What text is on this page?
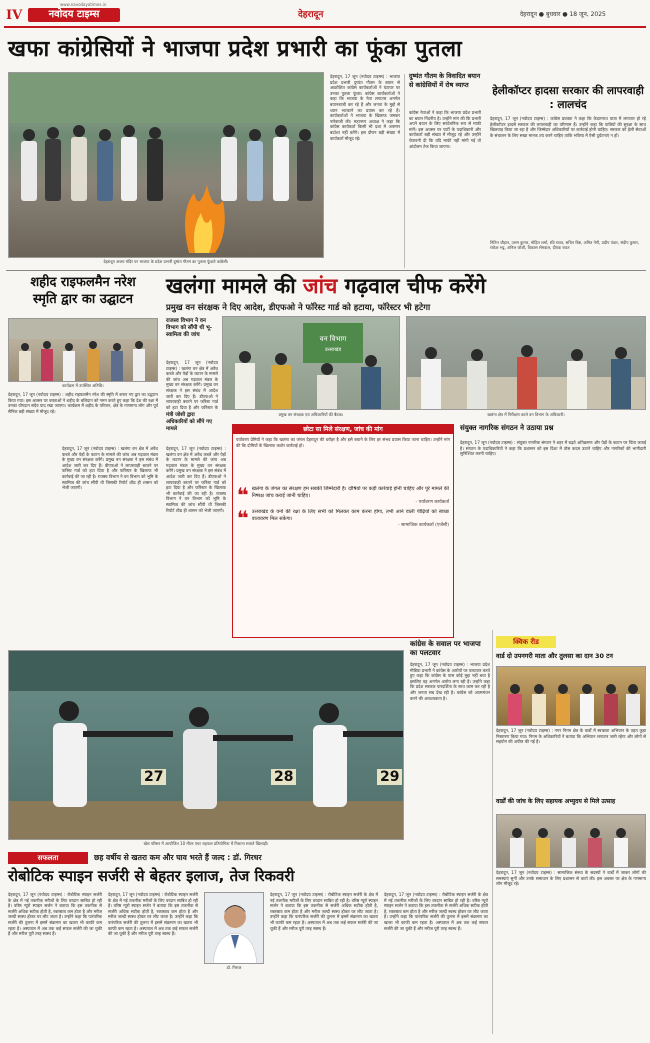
IV
www.navodayatimes.in
नवोदय टाइम्स	देहरादून	देहरादून ● बुधवार ● 18 जून, 2025
खफा कांग्रेसियों ने भाजपा प्रदेश प्रभारी का फूंका पुतला
देहरादून अजय मंदिर पर भाजपा के प्रदेश प्रभारी दुष्यंत गौतम का पुतला फूंकते कांग्रेसी।
देहरादून, 17 जून (नवोदय टाइम्स) : भाजपा प्रदेश प्रभारी दुष्यंत गौतम के बयान से आक्रोशित कांग्रेस कार्यकर्ताओं ने घंटाघर पर उनका पुतला फूंका। कांग्रेस कार्यकर्ताओं ने कहा कि भाजपा के नेता लगातार अनर्गल बयानबाजी कर रहे हैं और जनता के मुद्दों से ध्यान भटकाने का प्रयास कर रहे हैं। कार्यकर्ताओं ने भाजपा के खिलाफ जमकर नारेबाजी की। महानगर अध्यक्ष ने कहा कि कांग्रेस कार्यकर्ता किसी भी दशा में अपमान बर्दाश्त नहीं करेंगे। इस दौरान बड़ी संख्या में कार्यकर्ता मौजूद रहे।
दुष्यंत गौतम के विवादित बयान से कांग्रेसियों में रोष व्याप्त
कांग्रेस नेताओं ने कहा कि भाजपा प्रदेश प्रभारी का बयान निंदनीय है। उन्होंने मांग की कि प्रभारी अपने बयान के लिए सार्वजनिक रूप से माफी मांगें। इस अवसर पर पार्टी के पदाधिकारी और कार्यकर्ता बड़ी संख्या में मौजूद रहे और उन्होंने चेतावनी दी कि यदि माफी नहीं मांगी गई तो आंदोलन तेज किया जाएगा।
हेलीकॉप्टर हादसा सरकार की लापरवाही : लालचंद
देहरादून, 17 जून (नवोदय टाइम्स) : कांग्रेस प्रवक्ता ने कहा कि केदारनाथ यात्रा में लगातार हो रहे हेलीकॉप्टर हादसे सरकार की लापरवाही का परिणाम हैं। उन्होंने कहा कि यात्रियों की सुरक्षा के साथ खिलवाड़ किया जा रहा है और जिम्मेदार अधिकारियों पर कार्रवाई होनी चाहिए। सरकार को हेली सेवाओं के संचालन के लिए सख्त मानक तय करने चाहिए ताकि भविष्य में ऐसी दुर्घटनाएं न हों।
नितिन चौहान, उत्तम कुमार, मोहित शर्मा, रवि रावत, सचिन बिष्ट, अमित नेगी, प्रदीप पंवार, संदीप कुमार, राकेश भट्ट, अनिल जोशी, विकास सेमवाल, दीपक रावत
शहीद राइफलमैन नरेश
स्मृति द्वार का उद्घाटन
कार्यक्रम में उपस्थित अतिथि।
देहरादून, 17 जून (नवोदय टाइम्स) : शहीद राइफलमैन नरेश की स्मृति में बनाए गए द्वार का उद्घाटन किया गया। इस अवसर पर वक्ताओं ने शहीद के बलिदान को नमन करते हुए कहा कि देश की रक्षा में उनका योगदान सदैव याद रखा जाएगा। कार्यक्रम में शहीद के परिजन, क्षेत्र के गणमान्य लोग और पूर्व सैनिक बड़ी संख्या में मौजूद रहे।
खलंगा मामले की जांच गढ़वाल चीफ करेंगे
प्रमुख वन संरक्षक ने दिए आदेश, डीएफओ ने फॉरेस्ट गार्ड को हटाया, फॉरेस्टर भी हटेगा
राजस्व विभाग ने वन विभाग को सौंपी थी भू-स्वामित्व की जांच	वन विभाग
उत्तराखंड
प्रमुख वन संरक्षक एवं अधिकारियों की बैठक।	खलंगा क्षेत्र में निरीक्षण करते वन विभाग के अधिकारी।
देहरादून, 17 जून (नवोदय टाइम्स) : खलंगा वन क्षेत्र में अवैध कब्जे और पेड़ों के कटान के मामले की जांच अब गढ़वाल मंडल के मुख्य वन संरक्षक करेंगे। प्रमुख वन संरक्षक ने इस संबंध में आदेश जारी कर दिए हैं। डीएफओ ने लापरवाही बरतने पर फॉरेस्ट गार्ड को हटा दिया है और फॉरेस्टर के
मंत्री जोशी द्वारा अधिकारियों को सौंपे गए मामले
देहरादून, 17 जून (नवोदय टाइम्स) : खलंगा वन क्षेत्र में अवैध कब्जे और पेड़ों के कटान के मामले की जांच अब गढ़वाल मंडल के मुख्य वन संरक्षक करेंगे। प्रमुख वन संरक्षक ने इस संबंध में आदेश जारी कर दिए हैं। डीएफओ ने लापरवाही बरतने पर फॉरेस्ट गार्ड को हटा दिया है और फॉरेस्टर के खिलाफ भी कार्रवाई की जा रही है। राजस्व विभाग ने वन विभाग को भूमि के स्वामित्व की जांच सौंपी थी जिसकी रिपोर्ट शीघ्र ही शासन को भेजी जाएगी।
देहरादून, 17 जून (नवोदय टाइम्स) : खलंगा वन क्षेत्र में अवैध कब्जे और पेड़ों के कटान के मामले की जांच अब गढ़वाल मंडल के मुख्य वन संरक्षक करेंगे। प्रमुख वन संरक्षक ने इस संबंध में आदेश जारी कर दिए हैं। डीएफओ ने लापरवाही बरतने पर फॉरेस्ट गार्ड को हटा दिया है और फॉरेस्टर के खिलाफ भी कार्रवाई की जा रही है। राजस्व विभाग ने वन विभाग को भूमि के स्वामित्व की जांच सौंपी थी जिसकी रिपोर्ट शीघ्र ही शासन को भेजी जाएगी।
छोटा सा मिले संरक्षण, जांच की मांग
पर्यावरण प्रेमियों ने कहा कि खलंगा का जंगल देहरादून की धरोहर है और इसे बचाने के लिए हर संभव प्रयास किया जाना चाहिए। उन्होंने मांग की कि दोषियों के खिलाफ कठोर कार्रवाई हो।
❝ खलंगा के जंगल का संरक्षण हम सबकी जिम्मेदारी है। दोषियों पर कड़ी कार्रवाई होनी चाहिए और पूरे मामले की निष्पक्ष जांच कराई जानी चाहिए।
- पर्यावरण कार्यकर्ता
❝ उत्तराखंड के वनों की रक्षा के लिए सभी को मिलकर काम करना होगा, तभी आने वाली पीढ़ियों को स्वच्छ वातावरण मिल सकेगा।
- सामाजिक कार्यकर्ता (एजेंसी)
संयुक्त नागरिक संगठन ने उठाया प्रश्न
देहरादून, 17 जून (नवोदय टाइम्स) : संयुक्त नागरिक संगठन ने शहर में बढ़ते अतिक्रमण और पेड़ों के कटान पर चिंता जताई है। संगठन के पदाधिकारियों ने कहा कि प्रशासन को इस दिशा में ठोस कदम उठाने चाहिए और नागरिकों की भागीदारी सुनिश्चित करनी चाहिए।
कांग्रेस के सवाल पर भाजपा का पलटवार
देहरादून, 17 जून (नवोदय टाइम्स) : भाजपा प्रदेश मीडिया प्रभारी ने कांग्रेस के आरोपों पर पलटवार करते हुए कहा कि कांग्रेस के पास कोई मुद्दा नहीं बचा है इसलिए वह अनर्गल आरोप लगा रही है। उन्होंने कहा कि प्रदेश सरकार पारदर्शिता के साथ काम कर रही है और जनता सब देख रही है। कांग्रेस को आत्ममंथन करने की आवश्यकता है।
27	28	29
खेल परिसर में आयोजित 10 मीटर एयर राइफल प्रतियोगिता में निशाना साधते खिलाड़ी।
क्विक रीड
वार्ड दो उपनगरी माता और तुलसा का दान 30 टन
देहरादून, 17 जून (नवोदय टाइम्स) : नगर निगम क्षेत्र के वार्डों में स्वच्छता अभियान के तहत कूड़ा निस्तारण किया गया। निगम के अधिकारियों ने बताया कि अभियान लगातार जारी रहेगा और लोगों से सहयोग की अपील की गई है।
वार्डों की जांच के लिए सहायक अभ्युदय से मिले उत्साह
देहरादून, 17 जून (नवोदय टाइम्स) : सामाजिक संस्था के सदस्यों ने वार्डों में जाकर लोगों की समस्याएं सुनीं और उनके समाधान के लिए प्रशासन से वार्ता की। इस अवसर पर क्षेत्र के गणमान्य लोग मौजूद रहे।
सफलता	छह वर्षीय से खतरा कम और घाव भरते हैं जल्द : डॉ. गिरधर
रोबोटिक स्पाइन सर्जरी से बेहतर इलाज, तेज रिकवरी
देहरादून, 17 जून (नवोदय टाइम्स) : रोबोटिक स्पाइन सर्जरी के क्षेत्र में नई तकनीक मरीजों के लिए वरदान साबित हो रही है। वरिष्ठ न्यूरो स्पाइन सर्जन ने बताया कि इस तकनीक से सर्जरी अधिक सटीक होती है, रक्तस्राव कम होता है और मरीज जल्दी स्वस्थ होकर घर लौट जाता है। उन्होंने कहा कि पारंपरिक सर्जरी की तुलना में इसमें संक्रमण का खतरा भी काफी कम रहता है। अस्पताल में अब तक कई सफल सर्जरी की जा चुकी हैं और मरीज पूरी तरह स्वस्थ हैं।
देहरादून, 17 जून (नवोदय टाइम्स) : रोबोटिक स्पाइन सर्जरी के क्षेत्र में नई तकनीक मरीजों के लिए वरदान साबित हो रही है। वरिष्ठ न्यूरो स्पाइन सर्जन ने बताया कि इस तकनीक से सर्जरी अधिक सटीक होती है, रक्तस्राव कम होता है और मरीज जल्दी स्वस्थ होकर घर लौट जाता है। उन्होंने कहा कि पारंपरिक सर्जरी की तुलना में इसमें संक्रमण का खतरा भी काफी कम रहता है। अस्पताल में अब तक कई सफल सर्जरी की जा चुकी हैं और मरीज पूरी तरह स्वस्थ हैं।
डॉ. गिरधर
देहरादून, 17 जून (नवोदय टाइम्स) : रोबोटिक स्पाइन सर्जरी के क्षेत्र में नई तकनीक मरीजों के लिए वरदान साबित हो रही है। वरिष्ठ न्यूरो स्पाइन सर्जन ने बताया कि इस तकनीक से सर्जरी अधिक सटीक होती है, रक्तस्राव कम होता है और मरीज जल्दी स्वस्थ होकर घर लौट जाता है। उन्होंने कहा कि पारंपरिक सर्जरी की तुलना में इसमें संक्रमण का खतरा भी काफी कम रहता है। अस्पताल में अब तक कई सफल सर्जरी की जा चुकी हैं और मरीज पूरी तरह स्वस्थ हैं।
देहरादून, 17 जून (नवोदय टाइम्स) : रोबोटिक स्पाइन सर्जरी के क्षेत्र में नई तकनीक मरीजों के लिए वरदान साबित हो रही है। वरिष्ठ न्यूरो स्पाइन सर्जन ने बताया कि इस तकनीक से सर्जरी अधिक सटीक होती है, रक्तस्राव कम होता है और मरीज जल्दी स्वस्थ होकर घर लौट जाता है। उन्होंने कहा कि पारंपरिक सर्जरी की तुलना में इसमें संक्रमण का खतरा भी काफी कम रहता है। अस्पताल में अब तक कई सफल सर्जरी की जा चुकी हैं और मरीज पूरी तरह स्वस्थ हैं।
